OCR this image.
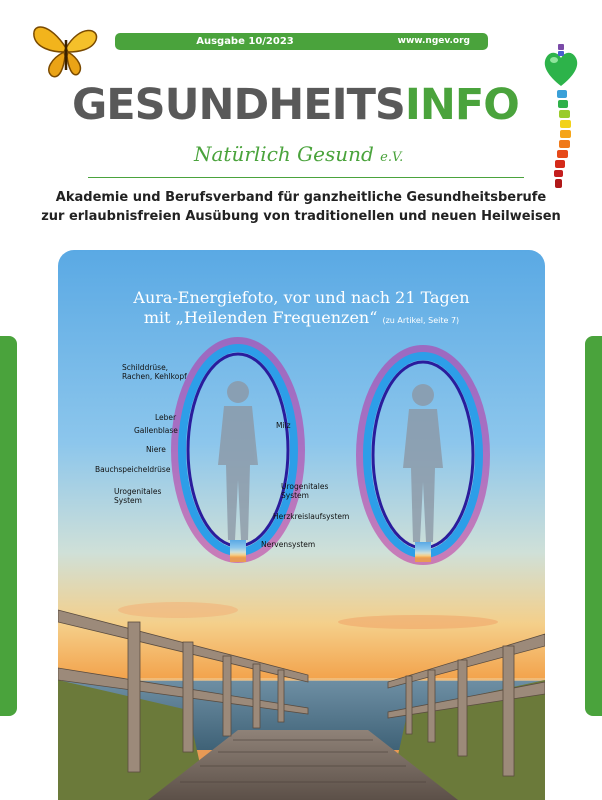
Ausgabe 10/2023	www.ngev.org
GESUNDHEITSINFO
Natürlich Gesund e.V.
Akademie und Berufsverband für ganzheitliche Gesundheitsberufe
zur erlaubnisfreien Ausübung von traditionellen und neuen Heilweisen
Aura-Energiefoto, vor und nach 21 Tagen
mit „Heilenden Frequenzen“ (zu Artikel, Seite 7)
Schilddrüse,
Rachen, Kehlkopf
Leber
Gallenblase
Niere
Bauchspeicheldrüse
Urogenitales
System
Milz
Urogenitales
System
Herzkreislaufsystem
Nervensystem
